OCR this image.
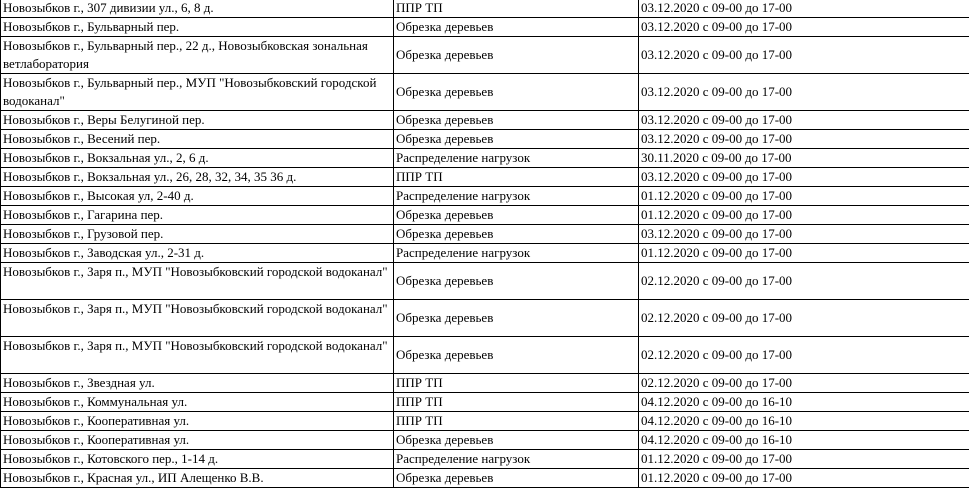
Новозыбков г., 307 дивизии ул., 6, 8 д.	ППР ТП	03.12.2020 с 09-00 до 17-00
Новозыбков г., Бульварный пер.	Обрезка деревьев	03.12.2020 с 09-00 до 17-00
Новозыбков г., Бульварный пер., 22 д., Новозыбковская зональная ветлаборатория	Обрезка деревьев	03.12.2020 с 09-00 до 17-00
Новозыбков г., Бульварный пер., МУП "Новозыбковский городской водоканал"	Обрезка деревьев	03.12.2020 с 09-00 до 17-00
Новозыбков г., Веры Белугиной пер.	Обрезка деревьев	03.12.2020 с 09-00 до 17-00
Новозыбков г., Весений пер.	Обрезка деревьев	03.12.2020 с 09-00 до 17-00
Новозыбков г., Вокзальная ул., 2, 6 д.	Распределение нагрузок	30.11.2020 с 09-00 до 17-00
Новозыбков г., Вокзальная ул., 26, 28, 32, 34, 35 36 д.	ППР ТП	03.12.2020 с 09-00 до 17-00
Новозыбков г., Высокая ул, 2-40 д.	Распределение нагрузок	01.12.2020 с 09-00 до 17-00
Новозыбков г., Гагарина пер.	Обрезка деревьев	01.12.2020 с 09-00 до 17-00
Новозыбков г., Грузовой пер.	Обрезка деревьев	03.12.2020 с 09-00 до 17-00
Новозыбков г., Заводская ул., 2-31 д.	Распределение нагрузок	01.12.2020 с 09-00 до 17-00
Новозыбков г., Заря п., МУП "Новозыбковский городской водоканал"	Обрезка деревьев	02.12.2020 с 09-00 до 17-00
Новозыбков г., Заря п., МУП "Новозыбковский городской водоканал"	Обрезка деревьев	02.12.2020 с 09-00 до 17-00
Новозыбков г., Заря п., МУП "Новозыбковский городской водоканал"	Обрезка деревьев	02.12.2020 с 09-00 до 17-00
Новозыбков г., Звездная ул.	ППР ТП	02.12.2020 с 09-00 до 17-00
Новозыбков г., Коммунальная ул.	ППР ТП	04.12.2020 с 09-00 до 16-10
Новозыбков г., Кооперативная ул.	ППР ТП	04.12.2020 с 09-00 до 16-10
Новозыбков г., Кооперативная ул.	Обрезка деревьев	04.12.2020 с 09-00 до 16-10
Новозыбков г., Котовского пер., 1-14 д.	Распределение нагрузок	01.12.2020 с 09-00 до 17-00
Новозыбков г., Красная ул., ИП Алещенко В.В.	Обрезка деревьев	01.12.2020 с 09-00 до 17-00
